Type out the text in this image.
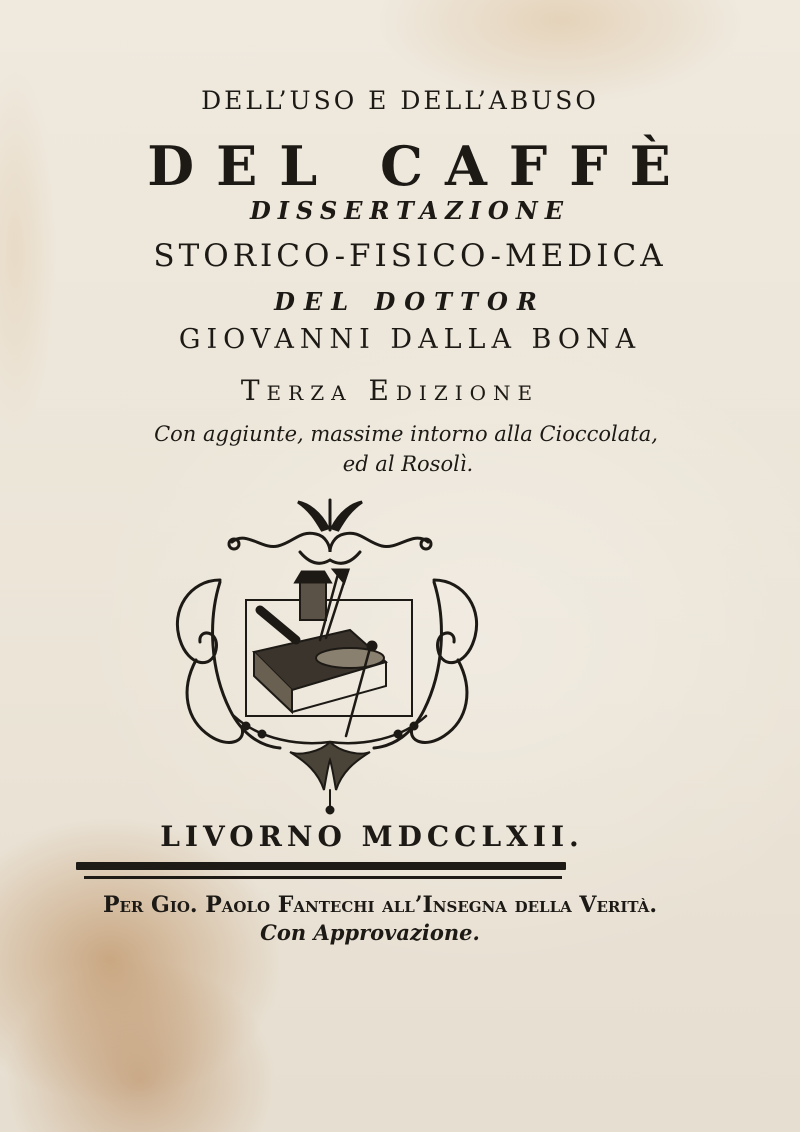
DELL’USO E DELL’ABUSO
DEL CAFFÈ
DISSERTAZIONE
STORICO-FISICO-MEDICA
DEL DOTTOR
GIOVANNI DALLA BONA
Terza Edizione
Con aggiunte, massime intorno alla Cioccolata,
ed al Rosolì.
LIVORNO MDCCLXII.
Per Gio. Paolo Fantechi all’Insegna della Verità.
Con Approvazione.
